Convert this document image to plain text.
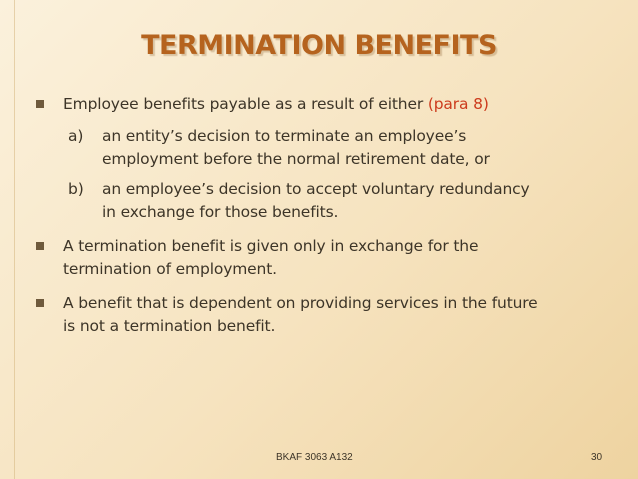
TERMINATION BENEFITS
Employee benefits payable as a result of either (para 8)
a) an entity’s decision to terminate an employee’s
employment before the normal retirement date, or
b) an employee’s decision to accept voluntary redundancy
in exchange for those benefits.
A termination benefit is given only in exchange for the
termination of employment.
A benefit that is dependent on providing services in the future
is not a termination benefit.
BKAF 3063 A132	30
